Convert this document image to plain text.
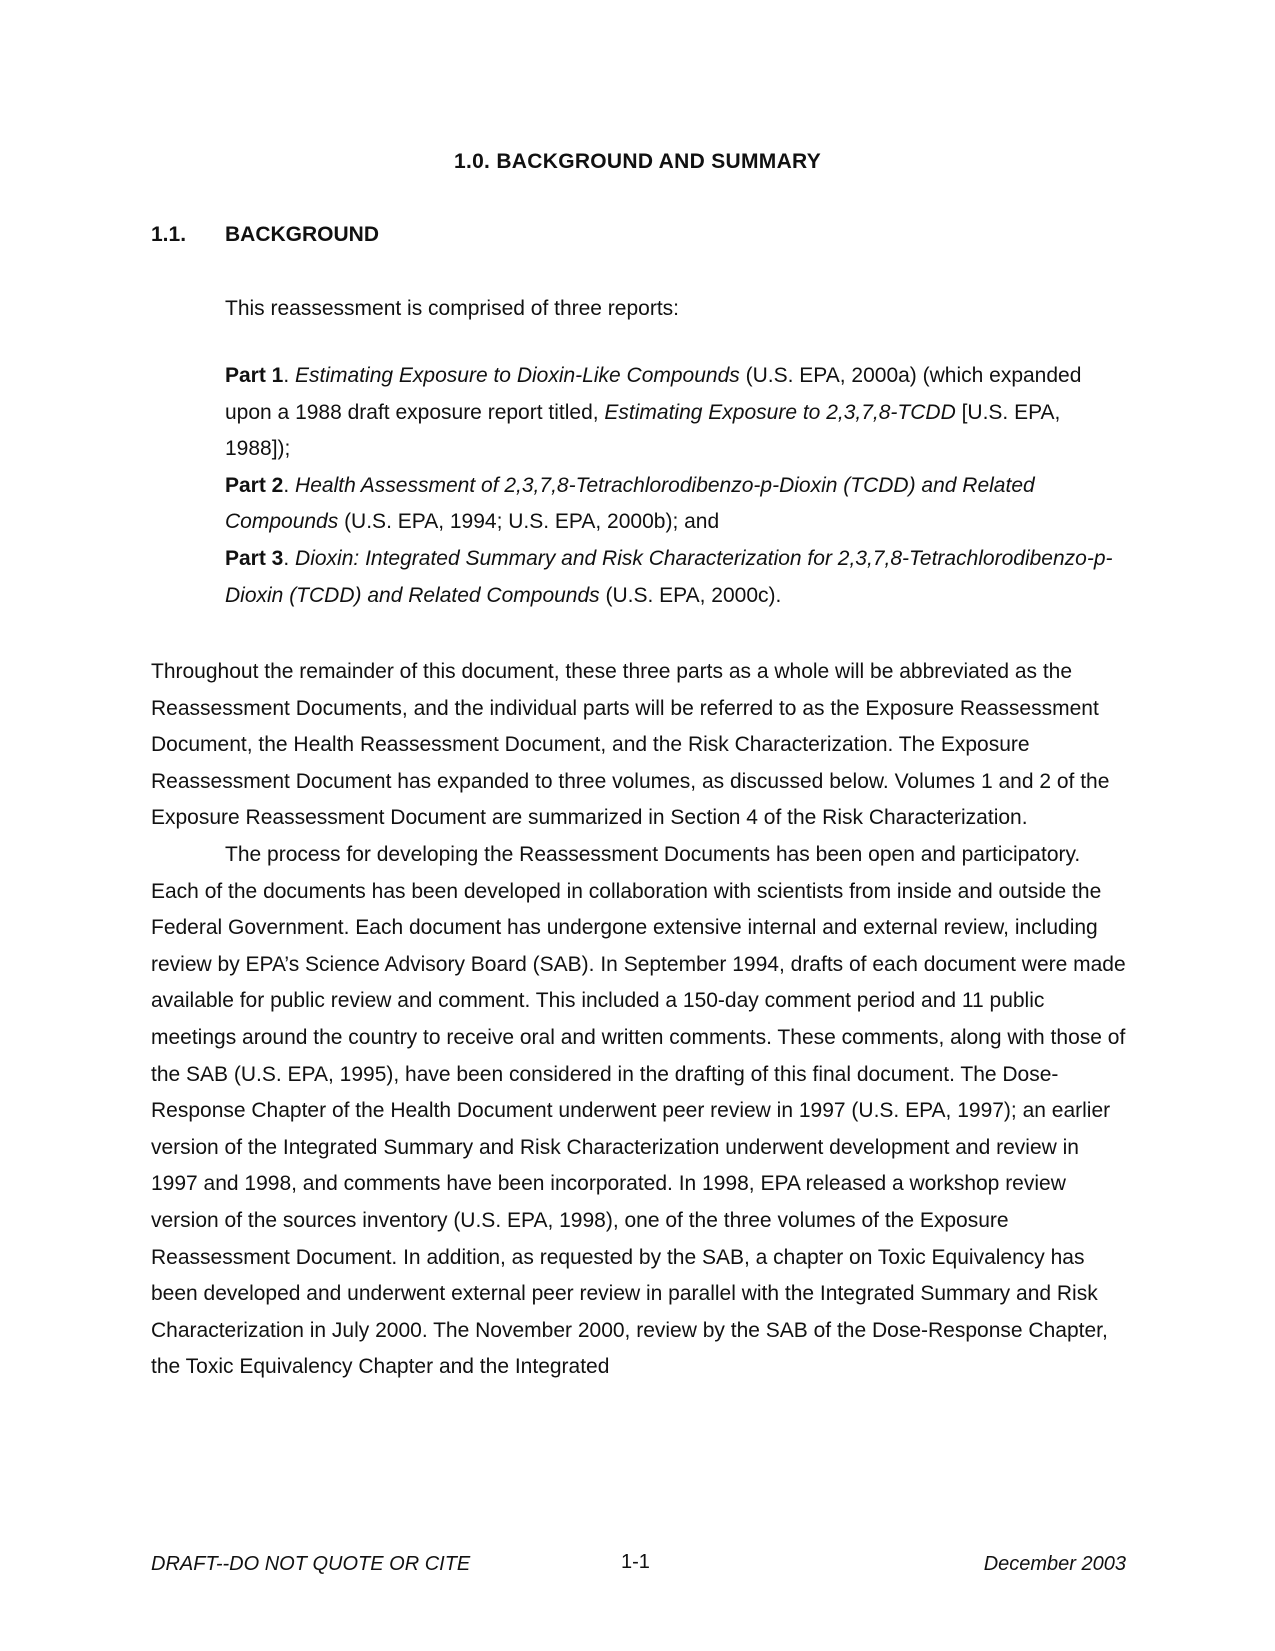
1.0. BACKGROUND AND SUMMARY
1.1. BACKGROUND
This reassessment is comprised of three reports:

Part 1. Estimating Exposure to Dioxin-Like Compounds (U.S. EPA, 2000a) (which expanded upon a 1988 draft exposure report titled, Estimating Exposure to 2,3,7,8-TCDD [U.S. EPA, 1988]);

Part 2. Health Assessment of 2,3,7,8-Tetrachlorodibenzo-p-Dioxin (TCDD) and Related Compounds (U.S. EPA, 1994; U.S. EPA, 2000b); and

Part 3. Dioxin: Integrated Summary and Risk Characterization for 2,3,7,8-Tetrachlorodibenzo-p-Dioxin (TCDD) and Related Compounds (U.S. EPA, 2000c).

Throughout the remainder of this document, these three parts as a whole will be abbreviated as the Reassessment Documents, and the individual parts will be referred to as the Exposure Reassessment Document, the Health Reassessment Document, and the Risk Characterization. The Exposure Reassessment Document has expanded to three volumes, as discussed below. Volumes 1 and 2 of the Exposure Reassessment Document are summarized in Section 4 of the Risk Characterization.

The process for developing the Reassessment Documents has been open and participatory. Each of the documents has been developed in collaboration with scientists from inside and outside the Federal Government. Each document has undergone extensive internal and external review, including review by EPA’s Science Advisory Board (SAB). In September 1994, drafts of each document were made available for public review and comment. This included a 150-day comment period and 11 public meetings around the country to receive oral and written comments. These comments, along with those of the SAB (U.S. EPA, 1995), have been considered in the drafting of this final document. The Dose-Response Chapter of the Health Document underwent peer review in 1997 (U.S. EPA, 1997); an earlier version of the Integrated Summary and Risk Characterization underwent development and review in 1997 and 1998, and comments have been incorporated. In 1998, EPA released a workshop review version of the sources inventory (U.S. EPA, 1998), one of the three volumes of the Exposure Reassessment Document. In addition, as requested by the SAB, a chapter on Toxic Equivalency has been developed and underwent external peer review in parallel with the Integrated Summary and Risk Characterization in July 2000. The November 2000, review by the SAB of the Dose-Response Chapter, the Toxic Equivalency Chapter and the Integrated

DRAFT--DO NOT QUOTE OR CITE	1-1	December 2003
